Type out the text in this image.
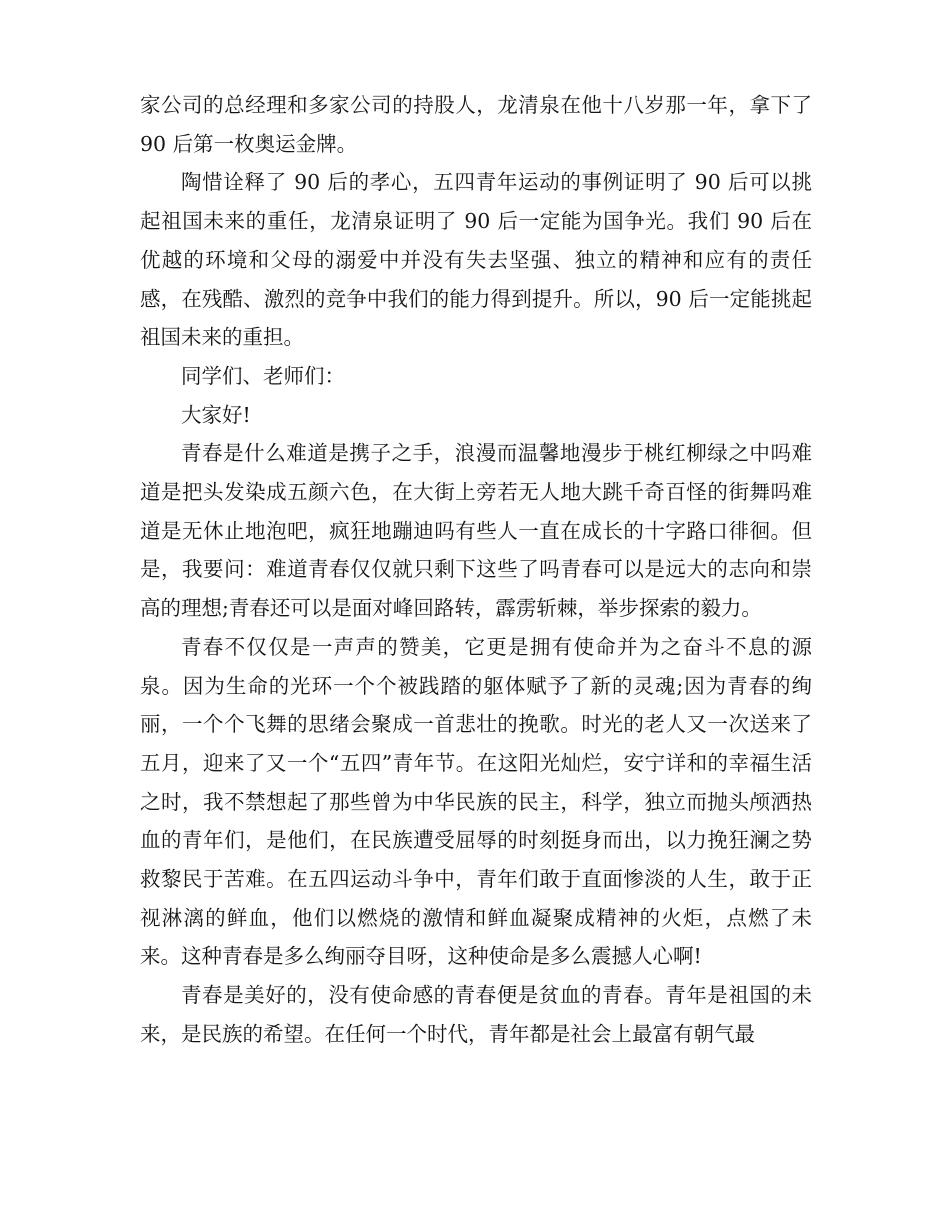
家公司的总经理和多家公司的持股人，龙清泉在他十八岁那一年，拿下了 90 后第一枚奥运金牌。

陶惜诠释了 90 后的孝心，五四青年运动的事例证明了 90 后可以挑起祖国未来的重任，龙清泉证明了 90 后一定能为国争光。我们 90 后在优越的环境和父母的溺爱中并没有失去坚强、独立的精神和应有的责任感，在残酷、激烈的竞争中我们的能力得到提升。所以，90 后一定能挑起祖国未来的重担。

同学们、老师们：

大家好!

青春是什么难道是携子之手，浪漫而温馨地漫步于桃红柳绿之中吗难道是把头发染成五颜六色，在大街上旁若无人地大跳千奇百怪的街舞吗难道是无休止地泡吧，疯狂地蹦迪吗有些人一直在成长的十字路口徘徊。但是，我要问：难道青春仅仅就只剩下这些了吗青春可以是远大的志向和崇高的理想;青春还可以是面对峰回路转，霹雳斩棘，举步探索的毅力。

青春不仅仅是一声声的赞美，它更是拥有使命并为之奋斗不息的源泉。因为生命的光环一个个被践踏的躯体赋予了新的灵魂;因为青春的绚丽，一个个飞舞的思绪会聚成一首悲壮的挽歌。时光的老人又一次送来了五月，迎来了又一个“五四”青年节。在这阳光灿烂，安宁详和的幸福生活之时，我不禁想起了那些曾为中华民族的民主，科学，独立而抛头颅洒热血的青年们，是他们，在民族遭受屈辱的时刻挺身而出，以力挽狂澜之势救黎民于苦难。在五四运动斗争中，青年们敢于直面惨淡的人生，敢于正视淋漓的鲜血，他们以燃烧的激情和鲜血凝聚成精神的火炬，点燃了未来。这种青春是多么绚丽夺目呀，这种使命是多么震撼人心啊!

青春是美好的，没有使命感的青春便是贫血的青春。青年是祖国的未来，是民族的希望。在任何一个时代，青年都是社会上最富有朝气最
